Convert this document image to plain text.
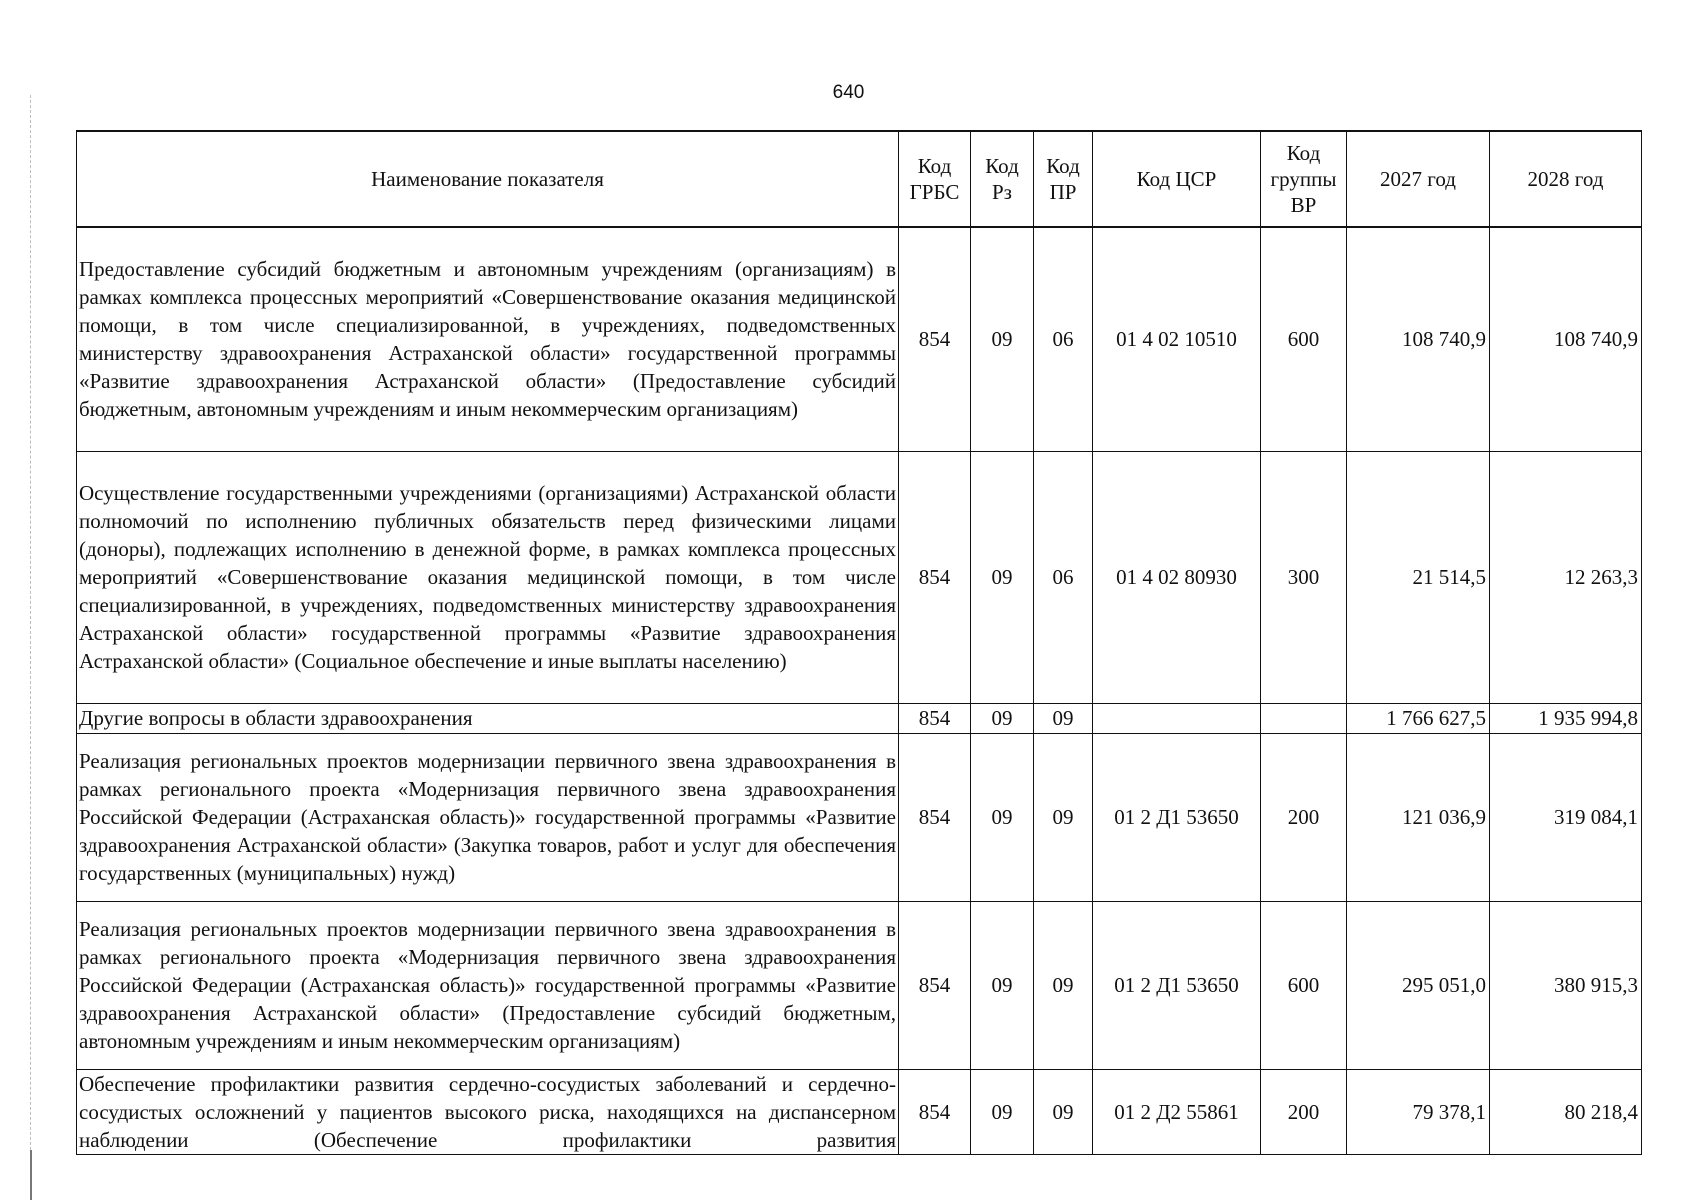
640
Наименование показателя	Код ГРБС	Код Рз	Код ПР	Код ЦСР	Код группы ВР	2027 год	2028 год
Предоставление субсидий бюджетным и автономным учреждениям (организациям) в рамках комплекса процессных мероприятий «Совершенствование оказания медицинской помощи, в том числе специализированной, в учреждениях, подведомственных министерству здравоохранения Астраханской области» государственной программы «Развитие здравоохранения Астраханской области» (Предоставление субсидий бюджетным, автономным учреждениям и иным некоммерческим организациям)	854	09	06	01 4 02 10510	600	108 740,9	108 740,9
Осуществление государственными учреждениями (организациями) Астраханской области полномочий по исполнению публичных обязательств перед физическими лицами (доноры), подлежащих исполнению в денежной форме, в рамках комплекса процессных мероприятий «Совершенствование оказания медицинской помощи, в том числе специализированной, в учреждениях, подведомственных министерству здравоохранения Астраханской области» государственной программы «Развитие здравоохранения Астраханской области» (Социальное обеспечение и иные выплаты населению)	854	09	06	01 4 02 80930	300	21 514,5	12 263,3
Другие вопросы в области здравоохранения	854	09	09			1 766 627,5	1 935 994,8
Реализация региональных проектов модернизации первичного звена здравоохранения в рамках регионального проекта «Модернизация первичного звена здравоохранения Российской Федерации (Астраханская область)» государственной программы «Развитие здравоохранения Астраханской области» (Закупка товаров, работ и услуг для обеспечения государственных (муниципальных) нужд)	854	09	09	01 2 Д1 53650	200	121 036,9	319 084,1
Реализация региональных проектов модернизации первичного звена здравоохранения в рамках регионального проекта «Модернизация первичного звена здравоохранения Российской Федерации (Астраханская область)» государственной программы «Развитие здравоохранения Астраханской области» (Предоставление субсидий бюджетным, автономным учреждениям и иным некоммерческим организациям)	854	09	09	01 2 Д1 53650	600	295 051,0	380 915,3
Обеспечение профилактики развития сердечно-сосудистых заболеваний и сердечно-сосудистых осложнений у пациентов высокого риска, находящихся на диспансерном наблюдении (Обеспечение профилактики развития	854	09	09	01 2 Д2 55861	200	79 378,1	80 218,4
